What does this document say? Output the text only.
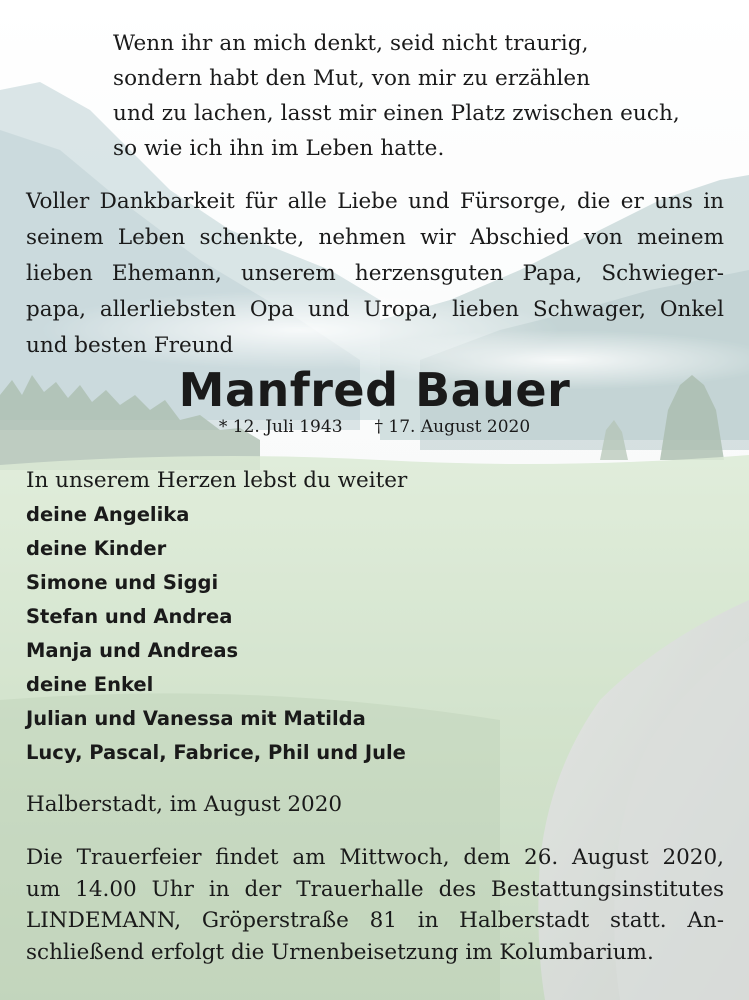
Wenn ihr an mich denkt, seid nicht traurig,
sondern habt den Mut, von mir zu erzählen
und zu lachen, lasst mir einen Platz zwischen euch,
so wie ich ihn im Leben hatte.
Voller Dankbarkeit für alle Liebe und Fürsorge, die er uns in
seinem Leben schenkte, nehmen wir Abschied von meinem
lieben Ehemann, unserem herzensguten Papa, Schwieger-
papa, allerliebsten Opa und Uropa, lieben Schwager, Onkel
und besten Freund
Manfred Bauer
* 12. Juli 1943 † 17. August 2020
In unserem Herzen lebst du weiter
deine Angelika
deine Kinder
Simone und Siggi
Stefan und Andrea
Manja und Andreas
deine Enkel
Julian und Vanessa mit Matilda
Lucy, Pascal, Fabrice, Phil und Jule
Halberstadt, im August 2020
Die Trauerfeier findet am Mittwoch, dem 26. August 2020,
um 14.00 Uhr in der Trauerhalle des Bestattungsinstitutes
LINDEMANN, Gröperstraße 81 in Halberstadt statt. An-
schließend erfolgt die Urnenbeisetzung im Kolumbarium.
